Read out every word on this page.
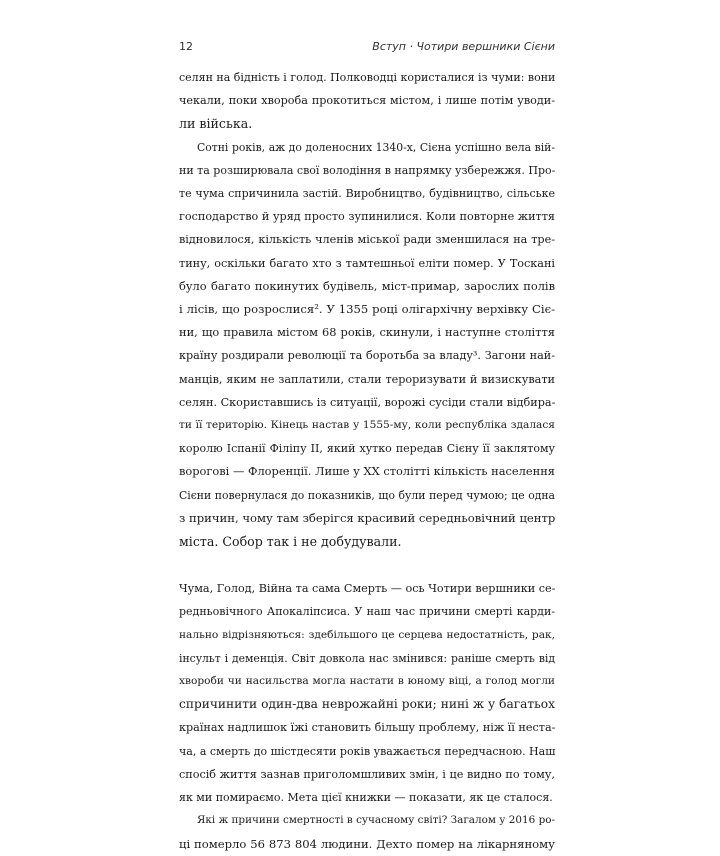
12	Вступ · Чотири вершники Сієни

селян на бідність і голод. Полководці користалися із чуми: вони
чекали, поки хвороба прокотиться містом, і лише потім уводи-
ли війська.

Сотні років, аж до доленосних 1340-х, Сієна успішно вела вій-
ни та розширювала свої володіння в напрямку узбережжя. Про-
те чума спричинила застій. Виробництво, будівництво, сільське
господарство й уряд просто зупинилися. Коли повторне життя
відновилося, кількість членів міської ради зменшилася на тре-
тину, оскільки багато хто з тамтешньої еліти помер. У Тоскані
було багато покинутих будівель, міст-примар, зарослих полів
і лісів, що розрослися². У 1355 році олігархічну верхівку Сіє-
ни, що правила містом 68 років, скинули, і наступне століття
країну роздирали революції та боротьба за владу³. Загони най-
манців, яким не заплатили, стали тероризувати й визискувати
селян. Скориставшись із ситуації, ворожі сусіди стали відбира-
ти її територію. Кінець настав у 1555-му, коли республіка здалася
королю Іспанії Філіпу II, який хутко передав Сієну її заклятому
ворогові — Флоренції. Лише у XX столітті кількість населення
Сієни повернулася до показників, що були перед чумою; це одна
з причин, чому там зберігся красивий середньовічний центр
міста. Собор так і не добудували.

Чума, Голод, Війна та сама Смерть — ось Чотири вершники се-
редньовічного Апокаліпсиса. У наш час причини смерті карди-
нально відрізняються: здебільшого це серцева недостатність, рак,
інсульт і деменція. Світ довкола нас змінився: раніше смерть від
хвороби чи насильства могла настати в юному віці, а голод могли
спричинити один-два неврожайні роки; нині ж у багатьох
країнах надлишок їжі становить більшу проблему, ніж її неста-
ча, а смерть до шістдесяти років уважається передчасною. Наш
спосіб життя зазнав приголомшливих змін, і це видно по тому,
як ми помираємо. Мета цієї книжки — показати, як це сталося.

Які ж причини смертності в сучасному світі? Загалом у 2016 ро-
ці померло 56 873 804 людини. Дехто помер на лікарняному
